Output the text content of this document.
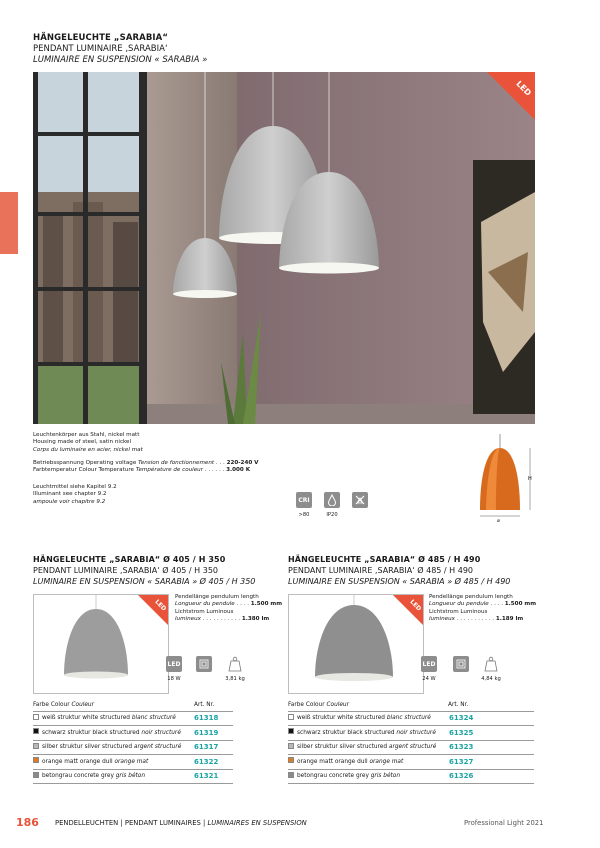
HÄNGELEUCHTE „SARABIA“
PENDANT LUMINAIRE ‚SARABIA‘
LUMINAIRE EN SUSPENSION « SARABIA »
LED
Leuchtenkörper aus Stahl, nickel matt
Housing made of steel, satin nickel
Corps du luminaire en acier, nickel mat
Betriebsspannung Operating voltage Tension de fonctionnement . . . 220-240 V
Farbtemperatur Colour Temperature Température de couleur . . . . . . 3.000 K
Leuchtmittel siehe Kapitel 9.2
Illuminant see chapter 9.2
ampoule voir chapitre 9.2	CRI
>80	IP20
H
⌀
HÄNGELEUCHTE „SARABIA“ Ø 405 / H 350
PENDANT LUMINAIRE ‚SARABIA‘ Ø 405 / H 350
LUMINAIRE EN SUSPENSION « SARABIA » Ø 405 / H 350
LED
Pendellänge pendulum length
Longueur du pendule . . . . 1.500 mm
Lichtstrom Luminous
lumineux . . . . . . . . . . . 1.380 lm
LED
18 W	3,81 kg
Farbe Colour Couleur	Art. Nr.
weiß struktur white structured blanc structuré	61318
schwarz struktur black structured noir structuré 61319
silber struktur silver structured argent structuré 61317
orange matt orange dull orange mat	61322
betongrau concrete grey gris béton	61321
HÄNGELEUCHTE „SARABIA“ Ø 485 / H 490
PENDANT LUMINAIRE ‚SARABIA‘ Ø 485 / H 490
LUMINAIRE EN SUSPENSION « SARABIA » Ø 485 / H 490
LED
Pendellänge pendulum length
Longueur du pendule . . . . 1.500 mm
Lichtstrom Luminous
lumineux . . . . . . . . . . . 1.189 lm
LED
24 W	4,84 kg
Farbe Colour Couleur	Art. Nr.
weiß struktur white structured blanc structuré	61324
schwarz struktur black structured noir structuré 61325
silber struktur silver structured argent structuré 61323
orange matt orange dull orange mat	61327
betongrau concrete grey gris béton	61326
186 PENDELLEUCHTEN | PENDANT LUMINAIRES | LUMINAIRES EN SUSPENSION	Professional Light 2021
